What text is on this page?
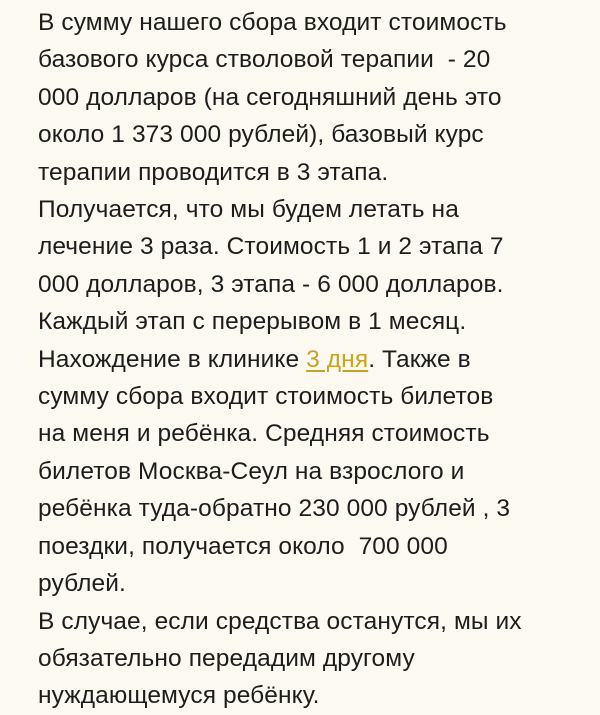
В сумму нашего сбора входит стоимость
базового курса стволовой терапии  - 20
000 долларов (на сегодняшний день это
около 1 373 000 рублей), базовый курс
терапии проводится в 3 этапа.
Получается, что мы будем летать на
лечение 3 раза. Стоимость 1 и 2 этапа 7
000 долларов, 3 этапа - 6 000 долларов.
Каждый этап с перерывом в 1 месяц.
Нахождение в клинике 3 дня. Также в
сумму сбора входит стоимость билетов
на меня и ребёнка. Средняя стоимость
билетов Москва-Сеул на взрослого и
ребёнка туда-обратно 230 000 рублей , 3
поездки, получается около  700 000
рублей.
В случае, если средства останутся, мы их
обязательно передадим другому
нуждающемуся ребёнку.
